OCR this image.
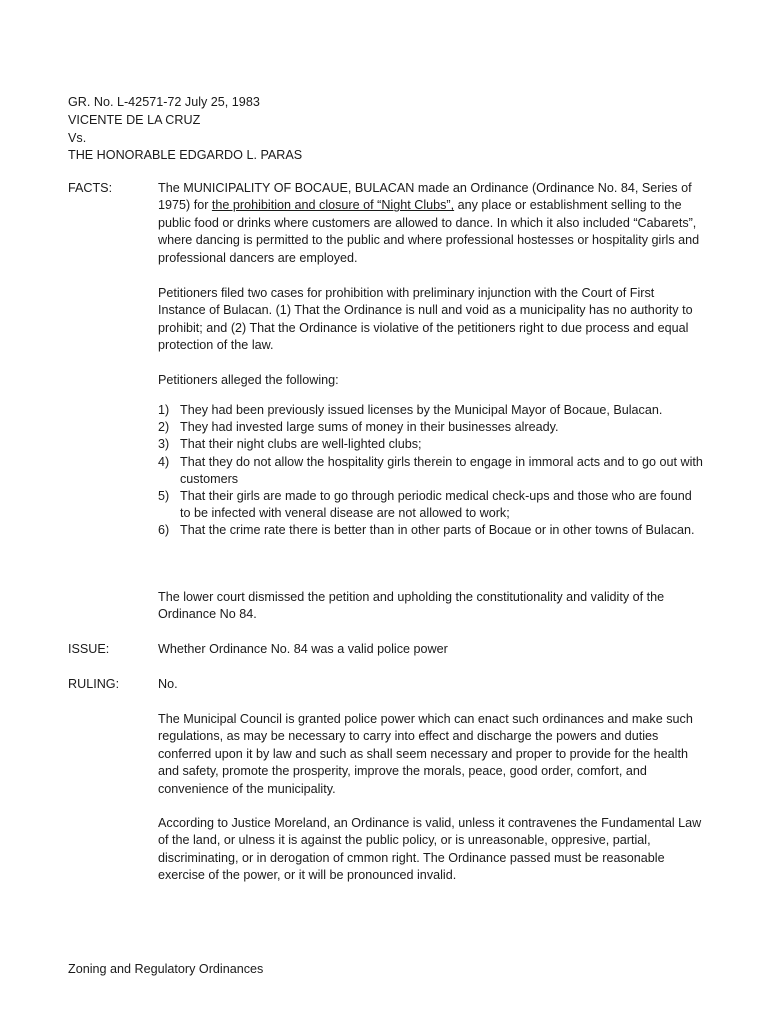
GR. No. L-42571-72 July 25, 1983
VICENTE DE LA CRUZ
Vs.
THE HONORABLE EDGARDO L. PARAS
FACTS:	The MUNICIPALITY OF BOCAUE, BULACAN made an Ordinance (Ordinance No. 84, Series of 1975) for the prohibition and closure of “Night Clubs”, any place or establishment selling to the public food or drinks where customers are allowed to dance. In which it also included “Cabarets”, where dancing is permitted to the public and where professional hostesses or hospitality girls and professional dancers are employed.

Petitioners filed two cases for prohibition with preliminary injunction with the Court of First Instance of Bulacan. (1) That the Ordinance is null and void as a municipality has no authority to prohibit; and (2) That the Ordinance is violative of the petitioners right to due process and equal protection of the law.

Petitioners alleged the following:

1) They had been previously issued licenses by the Municipal Mayor of Bocaue, Bulacan.
2) They had invested large sums of money in their businesses already.
3) That their night clubs are well-lighted clubs;
4) That they do not allow the hospitality girls therein to engage in immoral acts and to go out with customers
5) That their girls are made to go through periodic medical check-ups and those who are found to be infected with veneral disease are not allowed to work;
6) That the crime rate there is better than in other parts of Bocaue or in other towns of Bulacan.

The lower court dismissed the petition and upholding the constitutionality and validity of the Ordinance No 84.

ISSUE:	Whether Ordinance No. 84 was a valid police power
RULING:	No.

The Municipal Council is granted police power which can enact such ordinances and make such regulations, as may be necessary to carry into effect and discharge the powers and duties conferred upon it by law and such as shall seem necessary and proper to provide for the health and safety, promote the prosperity, improve the morals, peace, good order, comfort, and convenience of the municipality.

According to Justice Moreland, an Ordinance is valid, unless it contravenes the Fundamental Law of the land, or ulness it is against the public policy, or is unreasonable, oppresive, partial, discriminating, or in derogation of cmmon right. The Ordinance passed must be reasonable exercise of the power, or it will be pronounced invalid.

Zoning and Regulatory Ordinances
